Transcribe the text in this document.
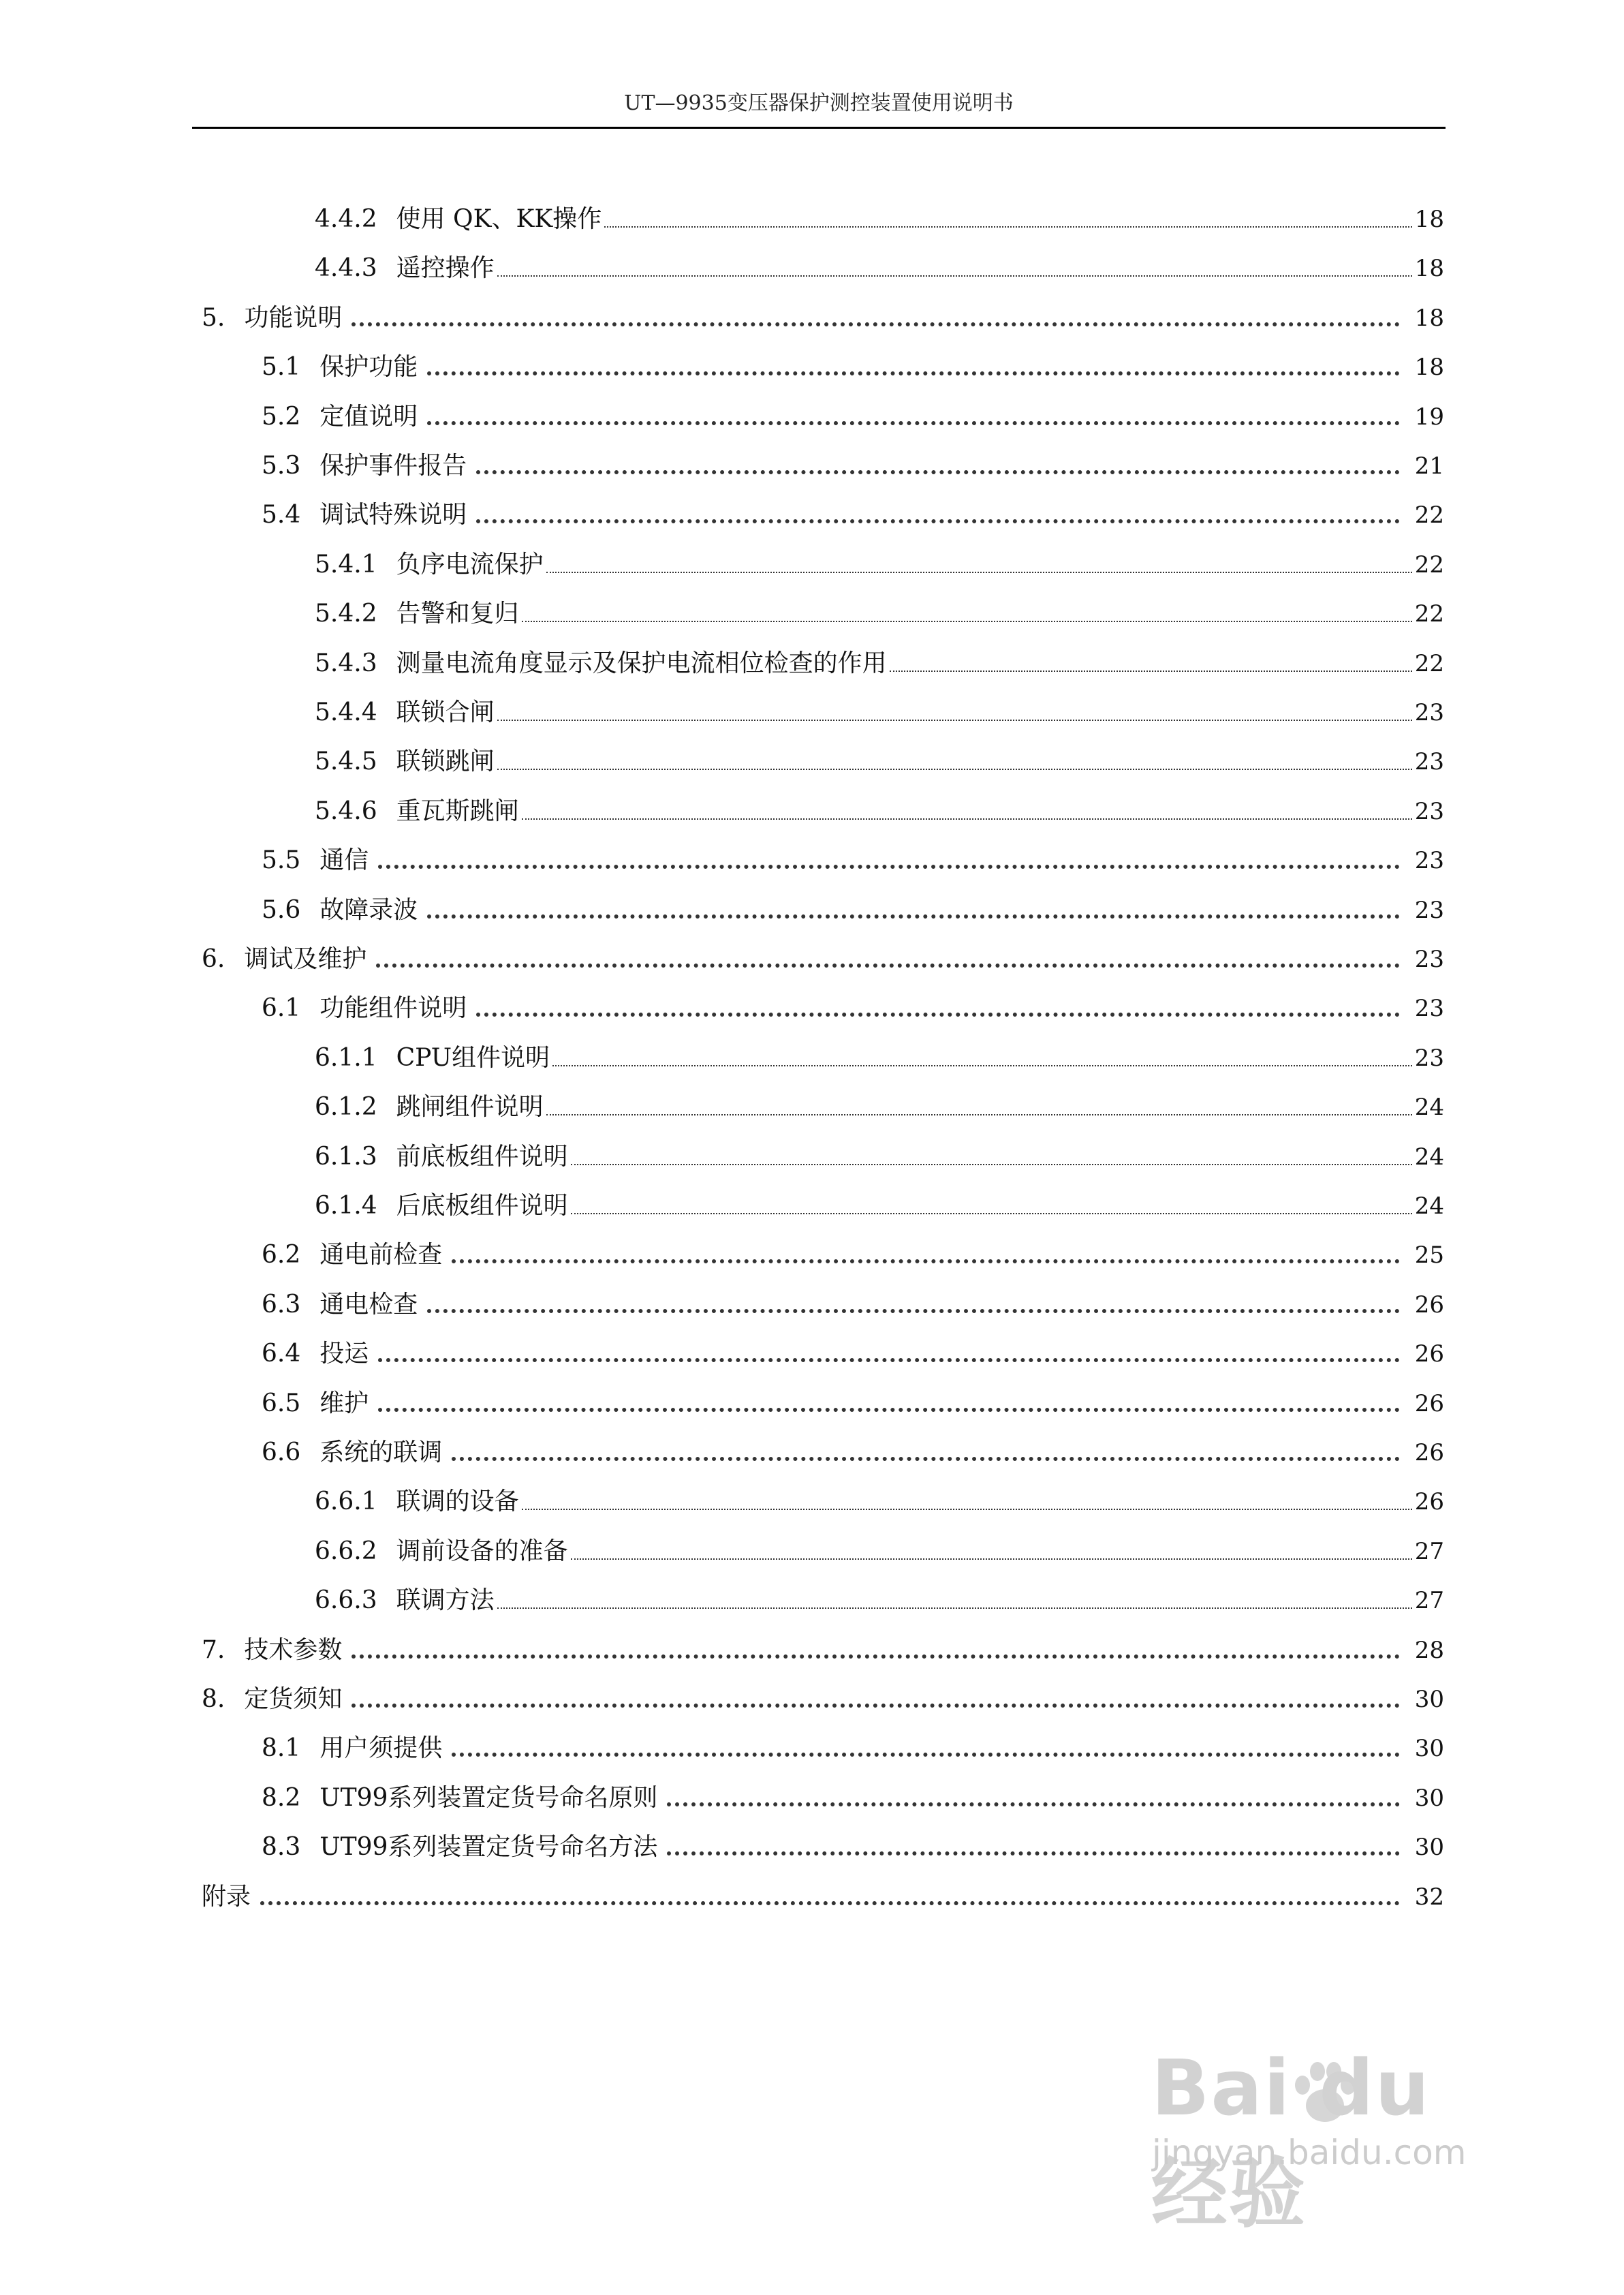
UT—9935变压器保护测控装置使用说明书
4.4.2 使用 QK、KK操作	18
4.4.3 遥控操作	18
5. 功能说明	18
5.1 保护功能	18
5.2 定值说明	19
5.3 保护事件报告	21
5.4 调试特殊说明	22
5.4.1 负序电流保护	22
5.4.2 告警和复归	22
5.4.3 测量电流角度显示及保护电流相位检查的作用	22
5.4.4 联锁合闸	23
5.4.5 联锁跳闸	23
5.4.6 重瓦斯跳闸	23
5.5 通信	23
5.6 故障录波	23
6. 调试及维护	23
6.1 功能组件说明	23
6.1.1 CPU组件说明	23
6.1.2 跳闸组件说明	24
6.1.3 前底板组件说明	24
6.1.4 后底板组件说明	24
6.2 通电前检查	25
6.3 通电检查	26
6.4 投运	26
6.5 维护	26
6.6 系统的联调	26
6.6.1 联调的设备	26
6.6.2 调前设备的准备	27
6.6.3 联调方法	27
7. 技术参数	28
8. 定货须知	30
8.1 用户须提供	30
8.2 UT99系列装置定货号命名原则	30
8.3 UT99系列装置定货号命名方法	30
附录	32
Bai du 经验
jingyan.baidu.com
